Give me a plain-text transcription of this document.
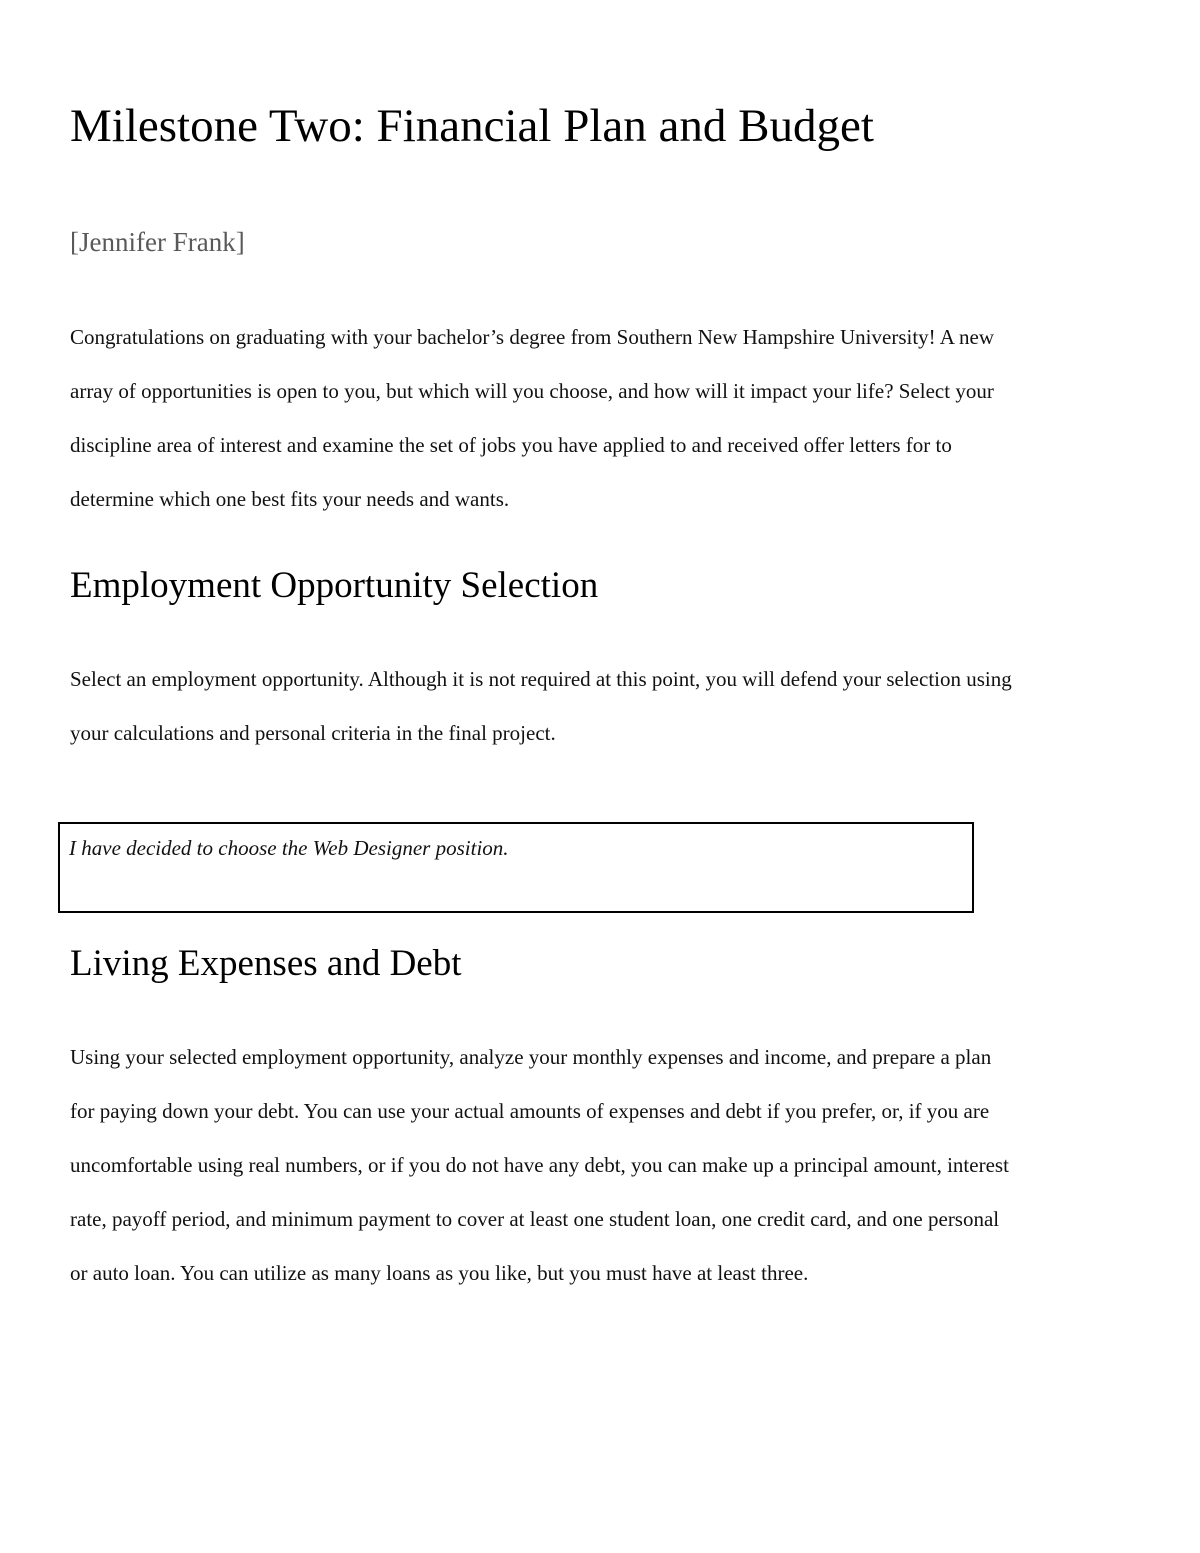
Milestone Two: Financial Plan and Budget
[Jennifer Frank]
Congratulations on graduating with your bachelor’s degree from Southern New Hampshire University! A new
array of opportunities is open to you, but which will you choose, and how will it impact your life? Select your
discipline area of interest and examine the set of jobs you have applied to and received offer letters for to
determine which one best fits your needs and wants.
Employment Opportunity Selection
Select an employment opportunity. Although it is not required at this point, you will defend your selection using
your calculations and personal criteria in the final project.
I have decided to choose the Web Designer position.
Living Expenses and Debt
Using your selected employment opportunity, analyze your monthly expenses and income, and prepare a plan
for paying down your debt. You can use your actual amounts of expenses and debt if you prefer, or, if you are
uncomfortable using real numbers, or if you do not have any debt, you can make up a principal amount, interest
rate, payoff period, and minimum payment to cover at least one student loan, one credit card, and one personal
or auto loan. You can utilize as many loans as you like, but you must have at least three.
